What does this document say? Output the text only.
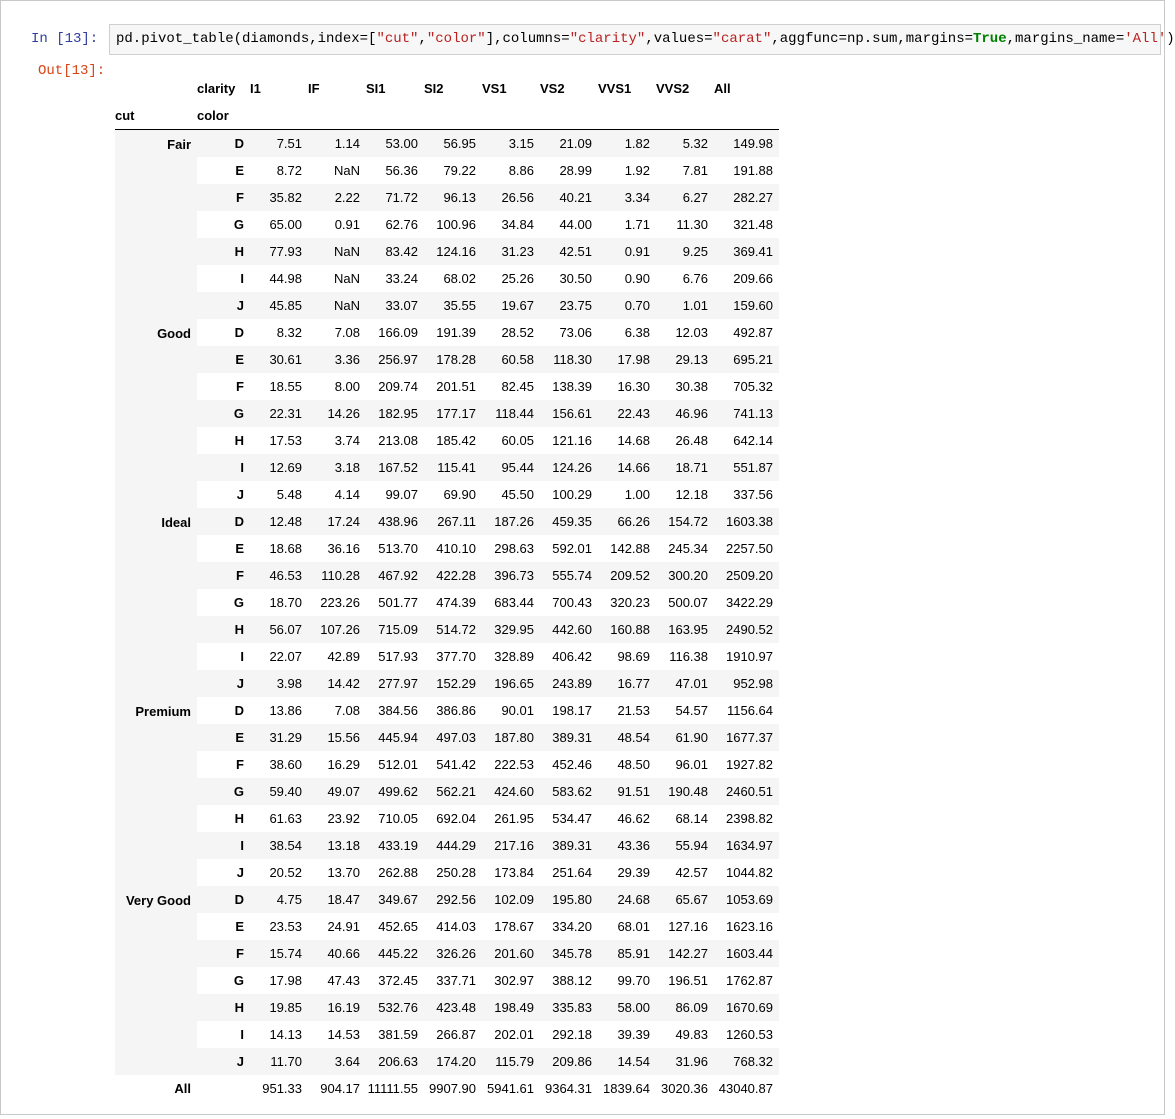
In [13]:
Out[13]:
pd.pivot_table(diamonds,index=["cut","color"],columns="clarity",values="carat",aggfunc=np.sum,margins=True,margins_name='All')
	clarity	I1	IF	SI1	SI2	VS1	VS2	VVS1	VVS2	All
cut	color									
Fair	D	7.51	1.14	53.00	56.95	3.15	21.09	1.82	5.32	149.98
	E	8.72	NaN	56.36	79.22	8.86	28.99	1.92	7.81	191.88
	F	35.82	2.22	71.72	96.13	26.56	40.21	3.34	6.27	282.27
	G	65.00	0.91	62.76	100.96	34.84	44.00	1.71	11.30	321.48
	H	77.93	NaN	83.42	124.16	31.23	42.51	0.91	9.25	369.41
	I	44.98	NaN	33.24	68.02	25.26	30.50	0.90	6.76	209.66
	J	45.85	NaN	33.07	35.55	19.67	23.75	0.70	1.01	159.60
Good	D	8.32	7.08	166.09	191.39	28.52	73.06	6.38	12.03	492.87
	E	30.61	3.36	256.97	178.28	60.58	118.30	17.98	29.13	695.21
	F	18.55	8.00	209.74	201.51	82.45	138.39	16.30	30.38	705.32
	G	22.31	14.26	182.95	177.17	118.44	156.61	22.43	46.96	741.13
	H	17.53	3.74	213.08	185.42	60.05	121.16	14.68	26.48	642.14
	I	12.69	3.18	167.52	115.41	95.44	124.26	14.66	18.71	551.87
	J	5.48	4.14	99.07	69.90	45.50	100.29	1.00	12.18	337.56
Ideal	D	12.48	17.24	438.96	267.11	187.26	459.35	66.26	154.72	1603.38
	E	18.68	36.16	513.70	410.10	298.63	592.01	142.88	245.34	2257.50
	F	46.53	110.28	467.92	422.28	396.73	555.74	209.52	300.20	2509.20
	G	18.70	223.26	501.77	474.39	683.44	700.43	320.23	500.07	3422.29
	H	56.07	107.26	715.09	514.72	329.95	442.60	160.88	163.95	2490.52
	I	22.07	42.89	517.93	377.70	328.89	406.42	98.69	116.38	1910.97
	J	3.98	14.42	277.97	152.29	196.65	243.89	16.77	47.01	952.98
Premium	D	13.86	7.08	384.56	386.86	90.01	198.17	21.53	54.57	1156.64
	E	31.29	15.56	445.94	497.03	187.80	389.31	48.54	61.90	1677.37
	F	38.60	16.29	512.01	541.42	222.53	452.46	48.50	96.01	1927.82
	G	59.40	49.07	499.62	562.21	424.60	583.62	91.51	190.48	2460.51
	H	61.63	23.92	710.05	692.04	261.95	534.47	46.62	68.14	2398.82
	I	38.54	13.18	433.19	444.29	217.16	389.31	43.36	55.94	1634.97
	J	20.52	13.70	262.88	250.28	173.84	251.64	29.39	42.57	1044.82
Very Good	D	4.75	18.47	349.67	292.56	102.09	195.80	24.68	65.67	1053.69
	E	23.53	24.91	452.65	414.03	178.67	334.20	68.01	127.16	1623.16
	F	15.74	40.66	445.22	326.26	201.60	345.78	85.91	142.27	1603.44
	G	17.98	47.43	372.45	337.71	302.97	388.12	99.70	196.51	1762.87
	H	19.85	16.19	532.76	423.48	198.49	335.83	58.00	86.09	1670.69
	I	14.13	14.53	381.59	266.87	202.01	292.18	39.39	49.83	1260.53
	J	11.70	3.64	206.63	174.20	115.79	209.86	14.54	31.96	768.32
All		951.33	904.17	11111.55	9907.90	5941.61	9364.31	1839.64	3020.36	43040.87
